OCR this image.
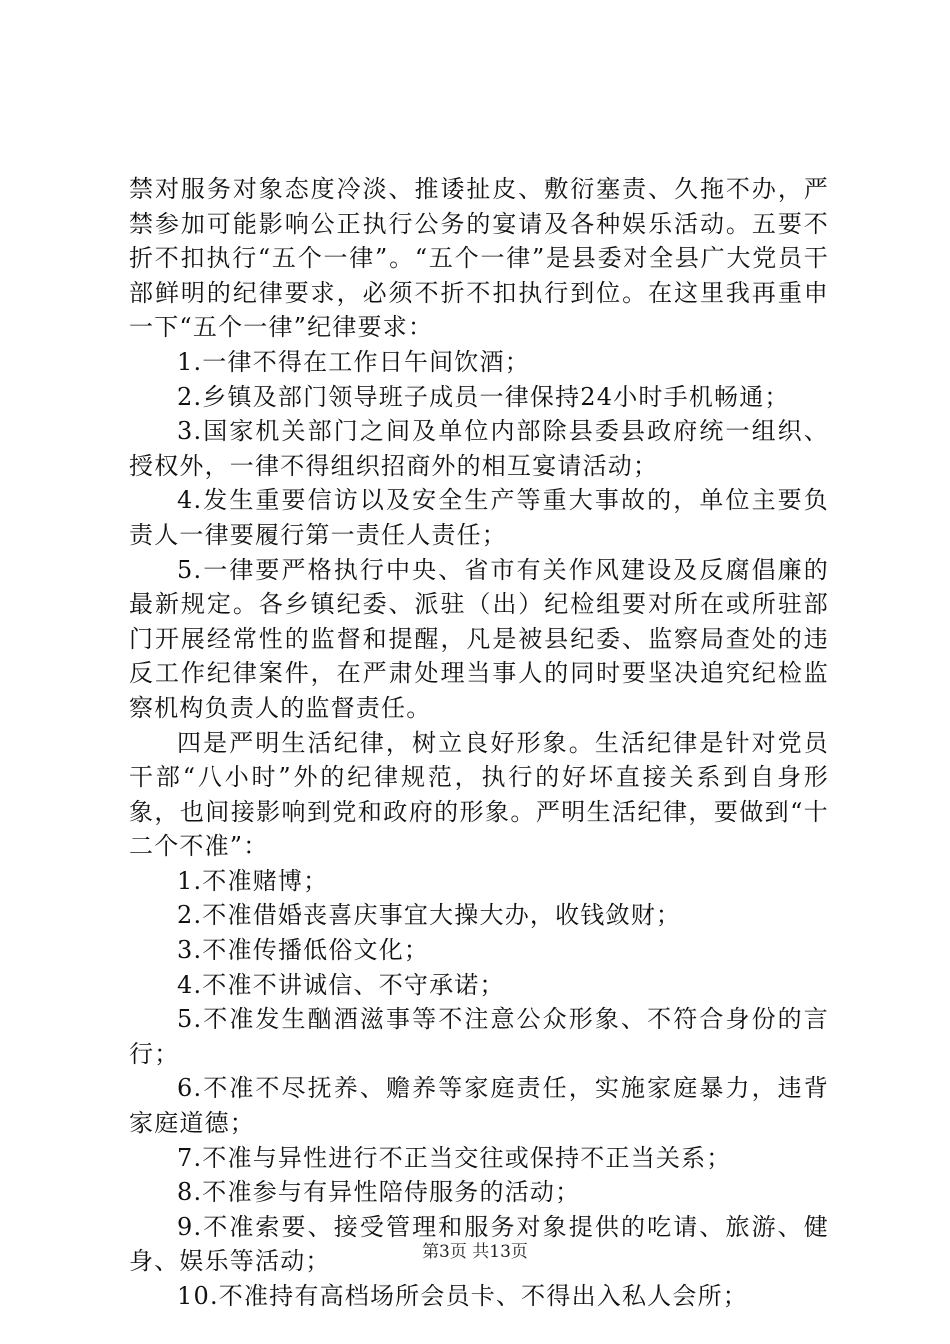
禁对服务对象态度冷淡、推诿扯皮、敷衍塞责、久拖不办，严禁参加可能影响公正执行公务的宴请及各种娱乐活动。五要不折不扣执行“五个一律”。“五个一律”是县委对全县广大党员干部鲜明的纪律要求，必须不折不扣执行到位。在这里我再重申一下“五个一律”纪律要求：

1.一律不得在工作日午间饮酒；

2.乡镇及部门领导班子成员一律保持24小时手机畅通；

3.国家机关部门之间及单位内部除县委县政府统一组织、授权外，一律不得组织招商外的相互宴请活动；

4.发生重要信访以及安全生产等重大事故的，单位主要负责人一律要履行第一责任人责任；

5.一律要严格执行中央、省市有关作风建设及反腐倡廉的最新规定。各乡镇纪委、派驻（出）纪检组要对所在或所驻部门开展经常性的监督和提醒，凡是被县纪委、监察局查处的违反工作纪律案件，在严肃处理当事人的同时要坚决追究纪检监察机构负责人的监督责任。

四是严明生活纪律，树立良好形象。生活纪律是针对党员干部“八小时”外的纪律规范，执行的好坏直接关系到自身形象，也间接影响到党和政府的形象。严明生活纪律，要做到“十二个不准”：

1.不准赌博；

2.不准借婚丧喜庆事宜大操大办，收钱敛财；

3.不准传播低俗文化；

4.不准不讲诚信、不守承诺；

5.不准发生酗酒滋事等不注意公众形象、不符合身份的言行；

6.不准不尽抚养、赡养等家庭责任，实施家庭暴力，违背家庭道德；

7.不准与异性进行不正当交往或保持不正当关系；

8.不准参与有异性陪侍服务的活动；

9.不准索要、接受管理和服务对象提供的吃请、旅游、健身、娱乐等活动；

10.不准持有高档场所会员卡、不得出入私人会所；

第3页 共13页
